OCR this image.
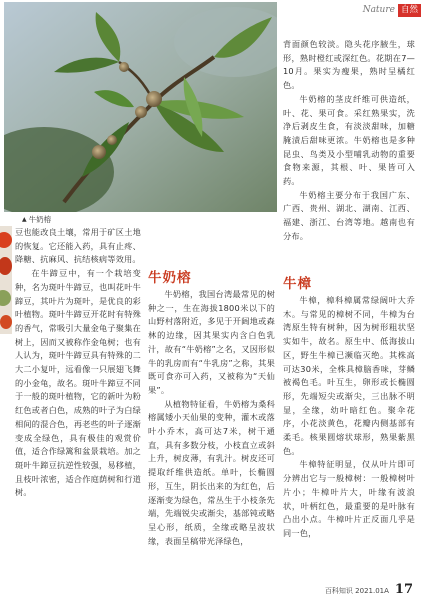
Nature 自然
▲ 牛奶榕

豆也能改良土壤，常用于矿区土地的恢复。它还能入药，具有止疼、降糖、抗麻风、抗结核病等效用。

在牛蹄豆中，有一个栽培变种，名为斑叶牛蹄豆，也叫花叶牛蹄豆，其叶片为斑叶，是优良的彩叶植物。斑叶牛蹄豆开花时有特殊的香气，常吸引大量金龟子聚集在树上，因而又被称作金龟树；也有人认为，斑叶牛蹄豆具有特殊的二大二小复叶，远看像一只展翅飞舞的小金龟，故名。斑叶牛蹄豆不同于一般的斑叶植物，它的新叶为粉红色或者白色，成熟的叶子为白绿相间的混合色，再老些的叶子逐渐变成全绿色，具有极佳的观赏价值，适合作绿篱和盆景栽培。加之斑叶牛蹄豆抗逆性较强，易移植，且枝叶浓密，适合作庭荫树和行道树。

牛奶榕

牛奶榕，我国台湾最常见的树种之一，生在海拔1800米以下的山野村落附近，多见于开阔地或森林的边缘，因其果实内含白色乳汁，故有“牛奶榕”之名，又因形似牛的乳房而有“牛乳房”之称，其果既可食亦可入药，又被称为“天仙果”。

从植物特征看，牛奶榕为桑科榕属矮小天仙果的变种，灌木或落叶小乔木，高可达7米，树干通直，具有多数分枝，小枝直立或斜上升，树皮薄，有乳汁。树皮还可提取纤维供造纸。单叶，长椭圆形，互生，阴长出来的为红色，后逐渐变为绿色，常丛生于小枝条先端，先端锐尖或渐尖，基部钝或略呈心形，纸质，全缘或略呈波状缘，表面呈稿带光泽绿色，

背面颜色较淡。隐头花序腋生，球形，熟时橙红或深红色。花期在7—10月。果实为瘦果，熟时呈橘红色。

牛奶榕的茎皮纤维可供造纸，叶、花、果可食。采红熟果实，洗净后剥皮生食，有淡淡甜味，加糖腌渍后甜味更浓。牛奶榕也是多种昆虫、鸟类及小型哺乳动物的重要食物来源，其根、叶、果皆可入药。

牛奶榕主要分布于我国广东、广西、贵州、湖北、湖南、江西、福建、浙江、台湾等地。越南也有分布。

牛樟

牛樟，樟科樟属常绿阔叶大乔木。与常见的樟树不同，牛樟为台湾原生特有树种，因为树形粗状坚实如牛，故名。原生中、低海拔山区，野生牛樟已濒临灭绝。其株高可达30米，全株具樟脑香味，芽鳞被褐色毛。叶互生，卵形或长椭圆形，先端短尖或渐尖，三出脉不明显，全缘，幼叶暗红色。聚伞花序，小花淡黄色，花瓣内侧基部有柔毛。核果圆熔状球形，熟果紫黑色。

牛樟特征明显，仅从叶片即可分辨出它与一般樟树：一般樟树叶片小；牛樟叶片大，叶缘有波浪状，叶柄红色，最重要的是叶脉有凸出小点。牛樟叶片正反面几乎是同一色，

百科知识 2021.01A 17
